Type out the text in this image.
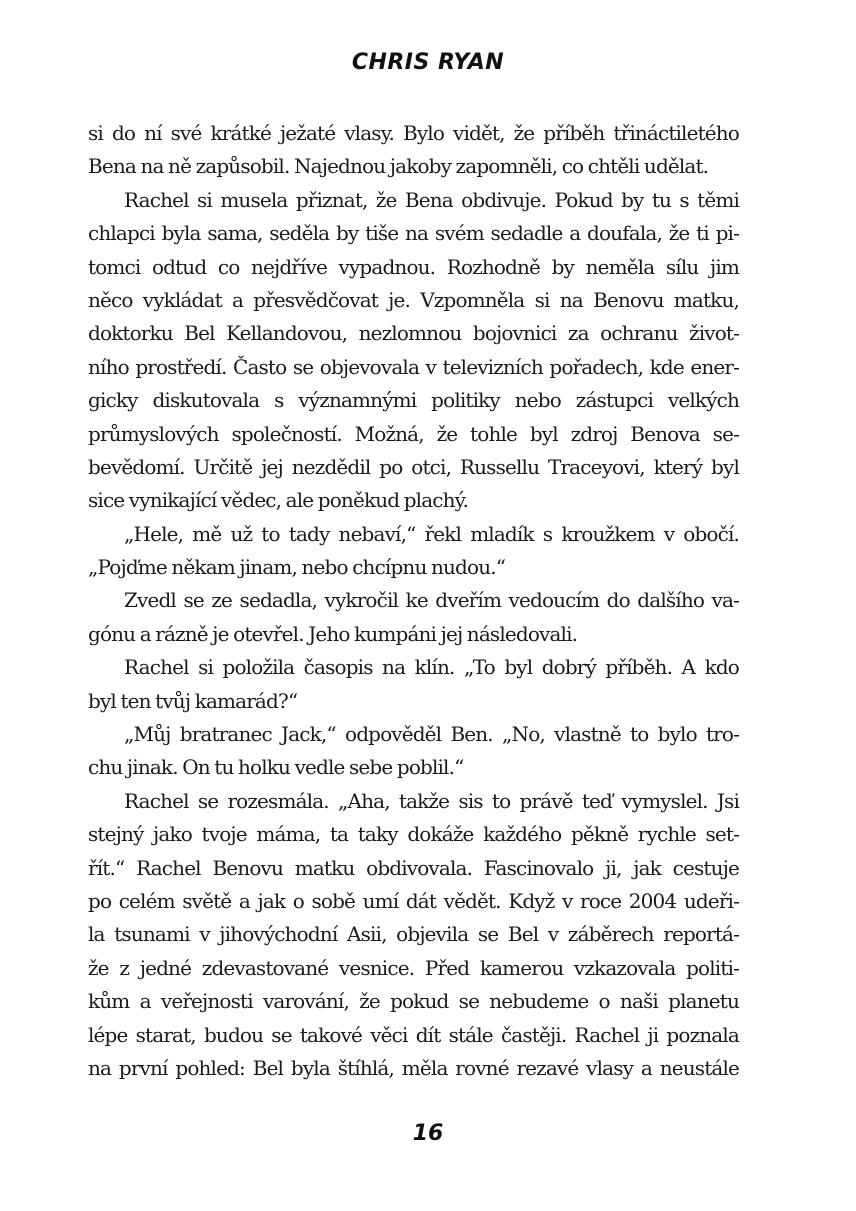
CHRIS RYAN
si do ní své krátké ježaté vlasy. Bylo vidět, že příběh třináctiletého
Bena na ně zapůsobil. Najednou jakoby zapomněli, co chtěli udělat.
Rachel si musela přiznat, že Bena obdivuje. Pokud by tu s těmi
chlapci byla sama, seděla by tiše na svém sedadle a doufala, že ti pi-
tomci odtud co nejdříve vypadnou. Rozhodně by neměla sílu jim
něco vykládat a přesvědčovat je. Vzpomněla si na Benovu matku,
doktorku Bel Kellandovou, nezlomnou bojovnici za ochranu život-
ního prostředí. Často se objevovala v televizních pořadech, kde ener-
gicky diskutovala s významnými politiky nebo zástupci velkých
průmyslových společností. Možná, že tohle byl zdroj Benova se-
bevědomí. Určitě jej nezdědil po otci, Russellu Traceyovi, který byl
sice vynikající vědec, ale poněkud plachý.
„Hele, mě už to tady nebaví,“ řekl mladík s kroužkem v obočí.
„Pojďme někam jinam, nebo chcípnu nudou.“
Zvedl se ze sedadla, vykročil ke dveřím vedoucím do dalšího va-
gónu a rázně je otevřel. Jeho kumpáni jej následovali.
Rachel si položila časopis na klín. „To byl dobrý příběh. A kdo
byl ten tvůj kamarád?“
„Můj bratranec Jack,“ odpověděl Ben. „No, vlastně to bylo tro-
chu jinak. On tu holku vedle sebe poblil.“
Rachel se rozesmála. „Aha, takže sis to právě teď vymyslel. Jsi
stejný jako tvoje máma, ta taky dokáže každého pěkně rychle set-
řít.“ Rachel Benovu matku obdivovala. Fascinovalo ji, jak cestuje
po celém světě a jak o sobě umí dát vědět. Když v roce 2004 udeři-
la tsunami v jihovýchodní Asii, objevila se Bel v záběrech reportá-
že z jedné zdevastované vesnice. Před kamerou vzkazovala politi-
kům a veřejnosti varování, že pokud se nebudeme o naši planetu
lépe starat, budou se takové věci dít stále častěji. Rachel ji poznala
na první pohled: Bel byla štíhlá, měla rovné rezavé vlasy a neustále
16
